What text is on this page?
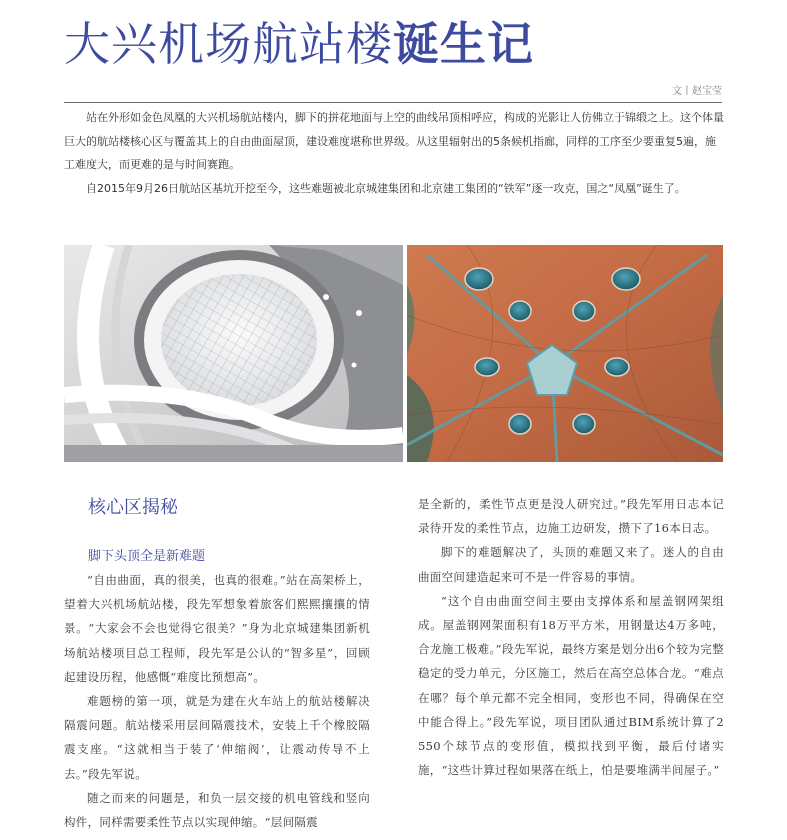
大兴机场航站楼诞生记
文丨赵宝莹

站在外形如金色凤凰的大兴机场航站楼内，脚下的拼花地面与上空的曲线吊顶相呼应，构成的光影让人仿佛立于锦缎之上。这个体量巨大的航站楼核心区与覆盖其上的自由曲面屋顶，建设难度堪称世界级。从这里辐射出的5条候机指廊，同样的工序至少要重复5遍，施工难度大，而更难的是与时间赛跑。

自2015年9月26日航站区基坑开挖至今，这些难题被北京城建集团和北京建工集团的“铁军”逐一攻克，国之“凤凰”诞生了。

核心区揭秘
脚下头顶全是新难题

“自由曲面，真的很美，也真的很难。”站在高架桥上，望着大兴机场航站楼，段先军想象着旅客们熙熙攘攘的情景。“大家会不会也觉得它很美？”身为北京城建集团新机场航站楼项目总工程师，段先军是公认的“智多星”，回顾起建设历程，他感慨“难度比预想高”。

难题榜的第一项，就是为建在火车站上的航站楼解决隔震问题。航站楼采用层间隔震技术，安装上千个橡胶隔震支座。“这就相当于装了‘伸缩阀’，让震动传导不上去。”段先军说。

随之而来的问题是，和负一层交接的机电管线和竖向构件，同样需要柔性节点以实现伸缩。“层间隔震

是全新的，柔性节点更是没人研究过。”段先军用日志本记录待开发的柔性节点，边施工边研发，攒下了16本日志。

脚下的难题解决了，头顶的难题又来了。迷人的自由曲面空间建造起来可不是一件容易的事情。

“这个自由曲面空间主要由支撑体系和屋盖钢网架组成。屋盖钢网架面积有18万平方米，用钢量达4万多吨，合龙施工极难。”段先军说，最终方案是划分出6个较为完整稳定的受力单元，分区施工，然后在高空总体合龙。“难点在哪？每个单元都不完全相同，变形也不同，得确保在空中能合得上。”段先军说，项目团队通过BIM系统计算了2 550个球节点的变形值，模拟找到平衡，最后付诸实施，“这些计算过程如果落在纸上，怕是要堆满半间屋子。”
